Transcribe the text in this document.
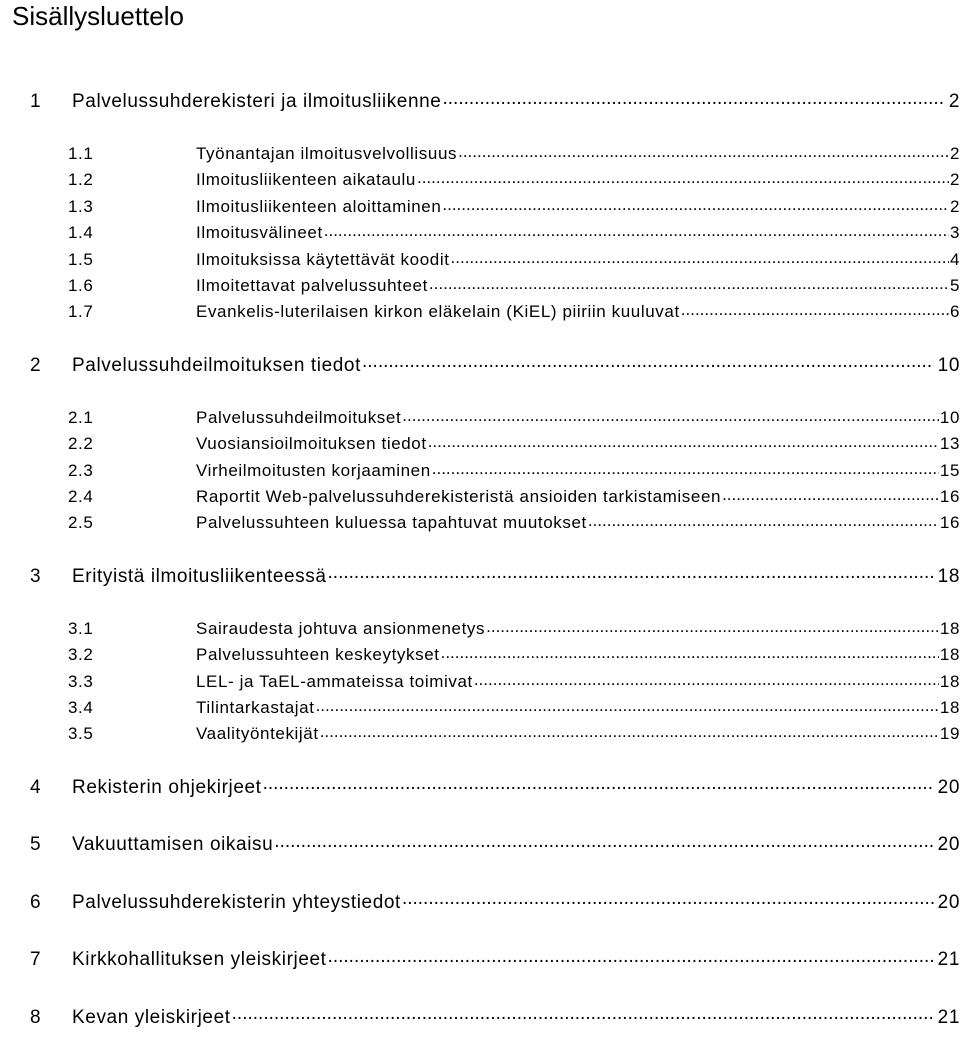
Sisällysluettelo
1	Palvelussuhderekisteri ja ilmoitusliikenne .....	2
1.1	Työnantajan ilmoitusvelvollisuus .....	2
1.2	Ilmoitusliikenteen aikataulu .....	2
1.3	Ilmoitusliikenteen aloittaminen .....	2
1.4	Ilmoitusvälineet .....	3
1.5	Ilmoituksissa käytettävät koodit .....	4
1.6	Ilmoitettavat palvelussuhteet .....	5
1.7	Evankelis-luterilaisen kirkon eläkelain (KiEL) piiriin kuuluvat .....	6
2	Palvelussuhdeilmoituksen tiedot .....	10
2.1	Palvelussuhdeilmoitukset .....	10
2.2	Vuosiansioilmoituksen tiedot .....	13
2.3	Virheilmoitusten korjaaminen .....	15
2.4	Raportit Web-palvelussuhderekisteristä ansioiden tarkistamiseen .....	16
2.5	Palvelussuhteen kuluessa tapahtuvat muutokset .....	16
3	Erityistä ilmoitusliikenteessä .....	18
3.1	Sairaudesta johtuva ansionmenetys .....	18
3.2	Palvelussuhteen keskeytykset .....	18
3.3	LEL- ja TaEL-ammateissa toimivat .....	18
3.4	Tilintarkastajat .....	18
3.5	Vaalityöntekijät .....	19
4	Rekisterin ohjekirjeet .....	20
5	Vakuuttamisen oikaisu .....	20
6	Palvelussuhderekisterin yhteystiedot .....	20
7	Kirkkohallituksen yleiskirjeet .....	21
8	Kevan yleiskirjeet .....	21
